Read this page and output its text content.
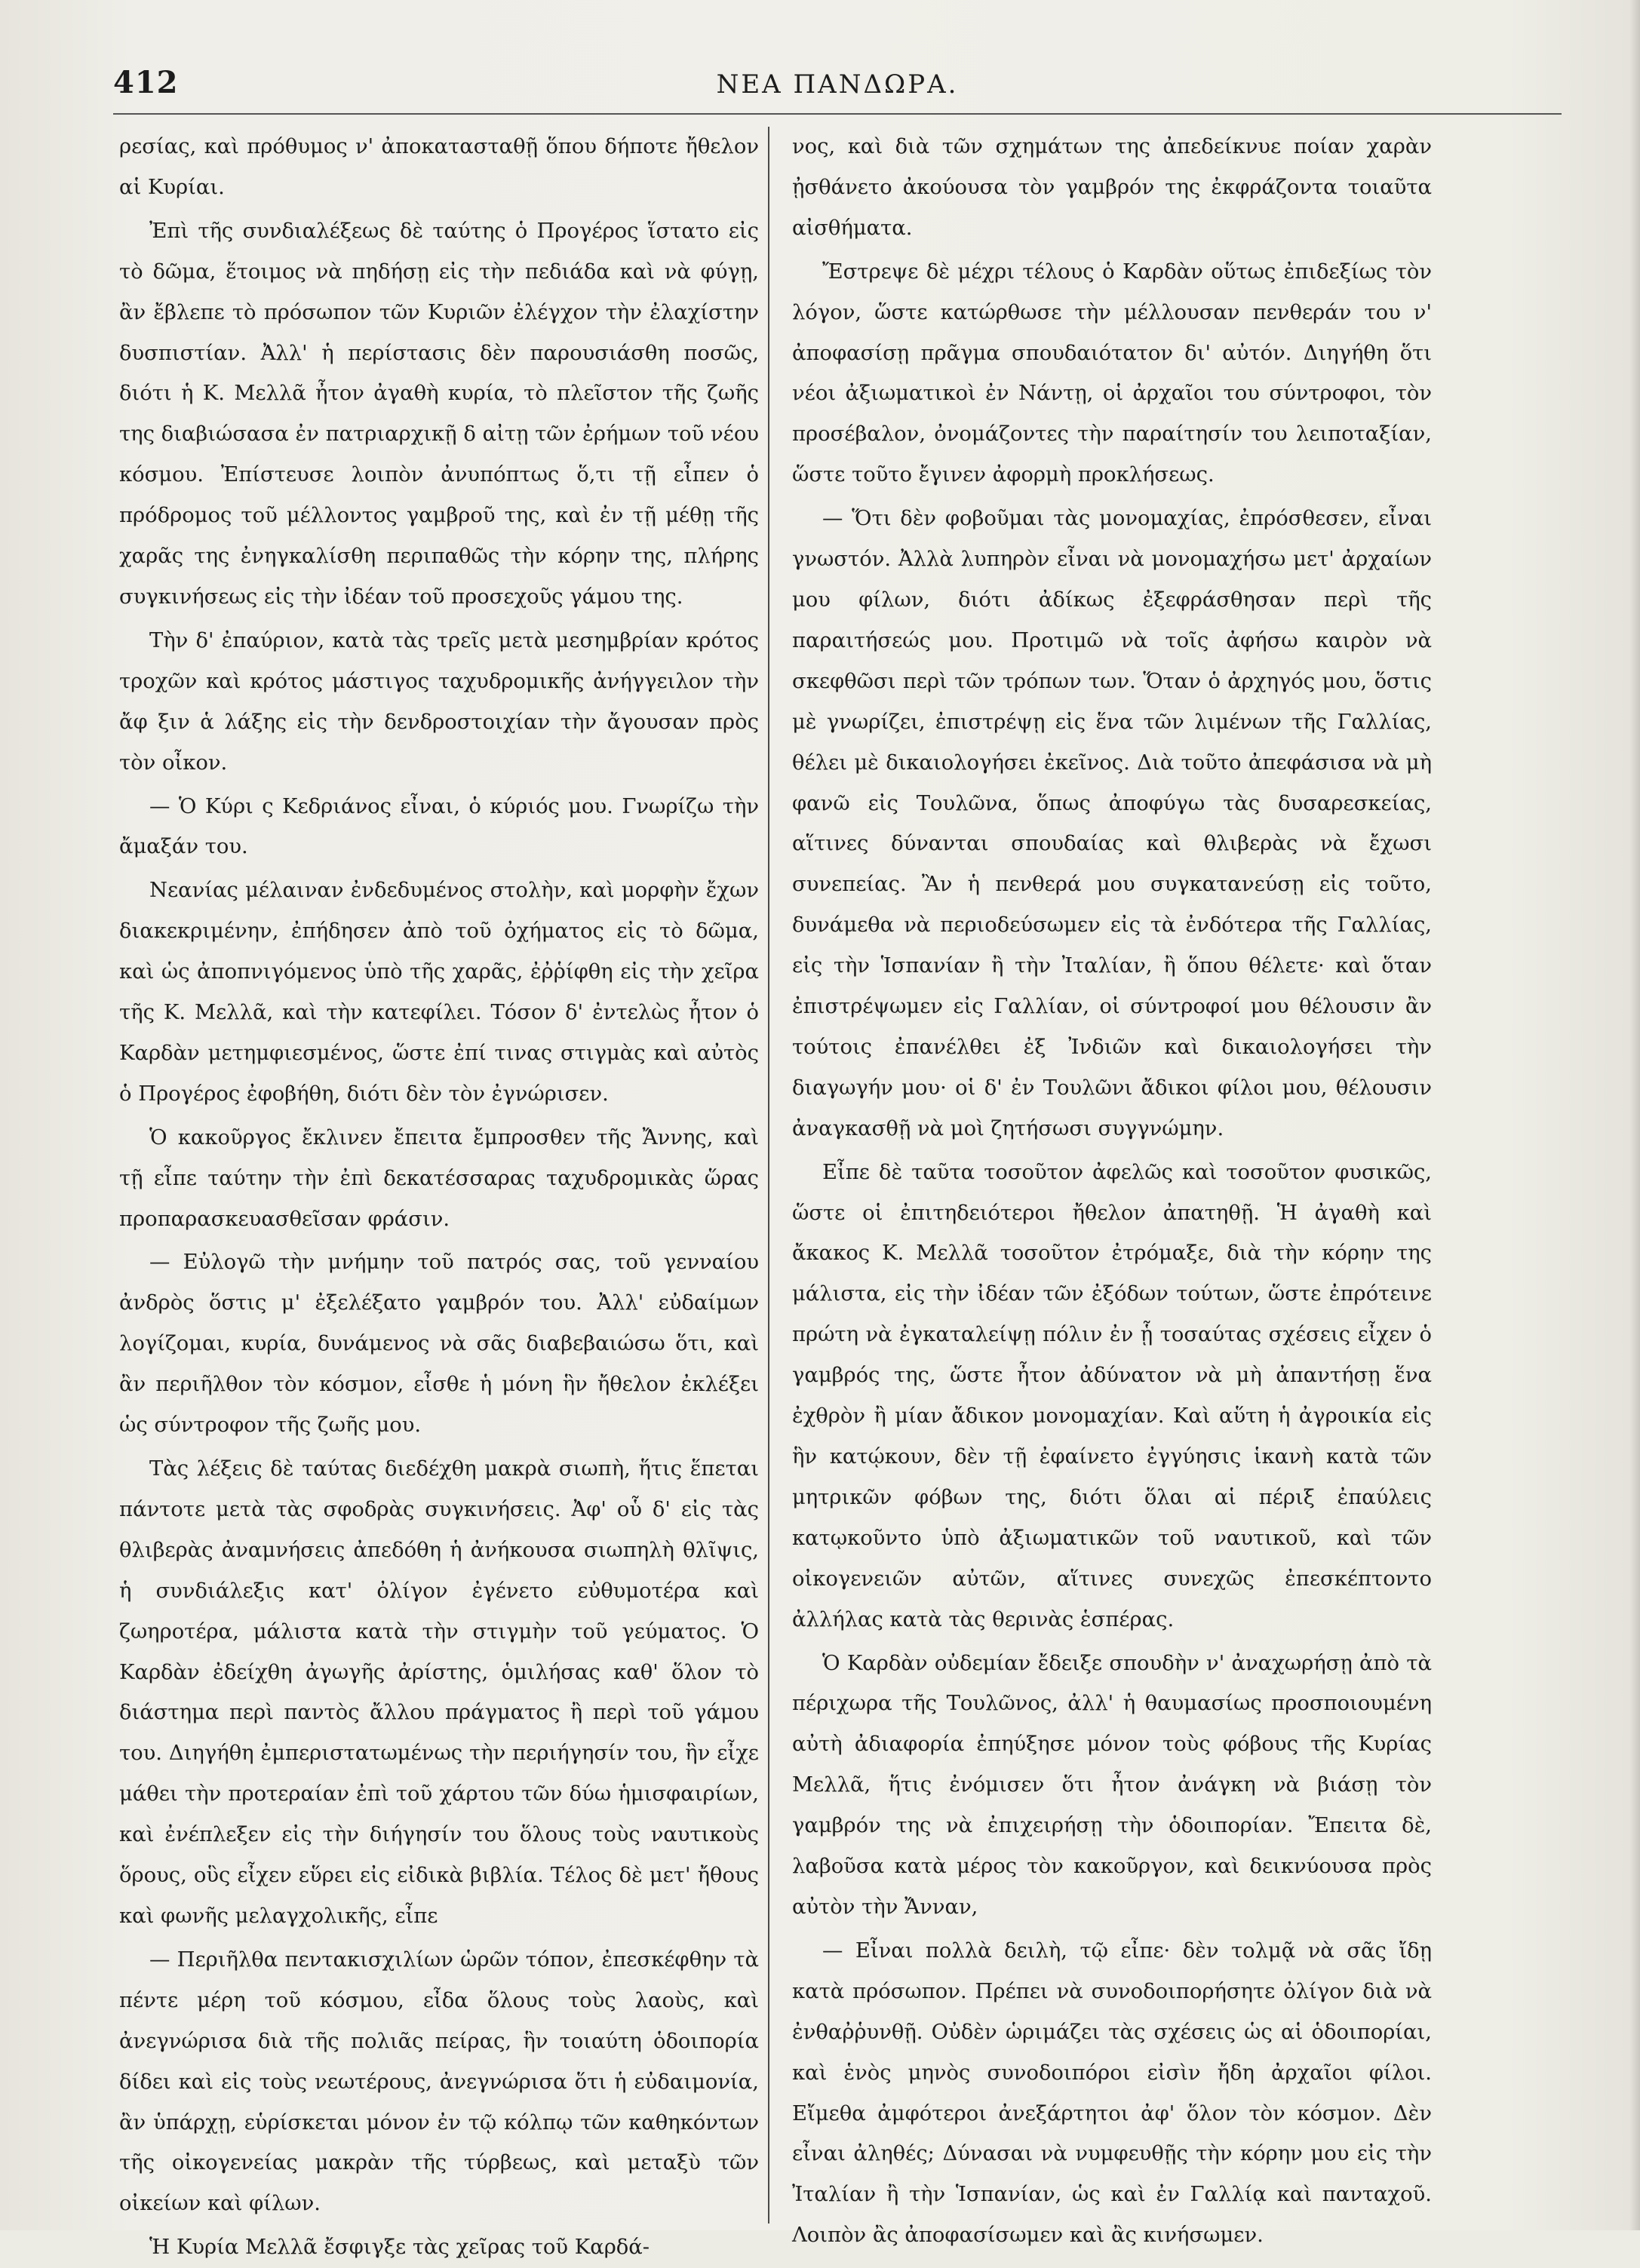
412	ΝΕΑ ΠΑΝΔΩΡΑ.

ρεσίας, καὶ πρόθυμος ν' ἀποκατασταθῇ ὅπου δήποτε ἤθελον αἱ Κυρίαι.

Ἐπὶ τῆς συνδιαλέξεως δὲ ταύτης ὁ Προγέρος ἵστατο εἰς τὸ δῶμα, ἕτοιμος νὰ πηδήσῃ εἰς τὴν πεδιάδα καὶ νὰ φύγῃ, ἂν ἔβλεπε τὸ πρόσωπον τῶν Κυριῶν ἐλέγχον τὴν ἐλαχίστην δυσπιστίαν. Ἀλλ' ἡ περίστασις δὲν παρουσιάσθη ποσῶς, διότι ἡ Κ. Μελλᾶ ἦτον ἀγαθὴ κυρία, τὸ πλεῖστον τῆς ζωῆς της διαβιώσασα ἐν πατριαρχικῇ δ αἰτῃ τῶν ἐρήμων τοῦ νέου κόσμου. Ἐπίστευσε λοιπὸν ἀνυπόπτως ὅ,τι τῇ εἶπεν ὁ πρόδρομος τοῦ μέλλοντος γαμβροῦ της, καὶ ἐν τῇ μέθῃ τῆς χαρᾶς της ἐνηγκαλίσθη περιπαθῶς τὴν κόρην της, πλήρης συγκινήσεως εἰς τὴν ἰδέαν τοῦ προσεχοῦς γάμου της.

Τὴν δ' ἐπαύριον, κατὰ τὰς τρεῖς μετὰ μεσημβρίαν κρότος τροχῶν καὶ κρότος μάστιγος ταχυδρομικῆς ἀνήγγειλον τὴν ἄφ ξιν ἁ λάξης εἰς τὴν δενδροστοιχίαν τὴν ἄγουσαν πρὸς τὸν οἶκον.

— Ὁ Κύρι ς Κεδριάνος εἶναι, ὁ κύριός μου. Γνωρίζω τὴν ἄμαξάν του.

Νεανίας μέλαιναν ἐνδεδυμένος στολὴν, καὶ μορφὴν ἔχων διακεκριμένην, ἐπήδησεν ἀπὸ τοῦ ὀχήματος εἰς τὸ δῶμα, καὶ ὡς ἀποπνιγόμενος ὑπὸ τῆς χαρᾶς, ἐῤῥίφθη εἰς τὴν χεῖρα τῆς Κ. Μελλᾶ, καὶ τὴν κατεφίλει. Τόσον δ' ἐντελὼς ἦτον ὁ Καρδὰν μετημφιεσμένος, ὥστε ἐπί τινας στιγμὰς καὶ αὐτὸς ὁ Προγέρος ἐφοβήθη, διότι δὲν τὸν ἐγνώρισεν.

Ὁ κακοῦργος ἔκλινεν ἔπειτα ἔμπροσθεν τῆς Ἄννης, καὶ τῇ εἶπε ταύτην τὴν ἐπὶ δεκατέσσαρας ταχυδρομικὰς ὥρας προπαρασκευασθεῖσαν φράσιν.

— Εὐλογῶ τὴν μνήμην τοῦ πατρός σας, τοῦ γενναίου ἀνδρὸς ὅστις μ' ἐξελέξατο γαμβρόν του. Ἀλλ' εὐδαίμων λογίζομαι, κυρία, δυνάμενος νὰ σᾶς διαβεβαιώσω ὅτι, καὶ ἂν περιῆλθον τὸν κόσμον, εἶσθε ἡ μόνη ἣν ἤθελον ἐκλέξει ὡς σύντροφον τῆς ζωῆς μου.

Τὰς λέξεις δὲ ταύτας διεδέχθη μακρὰ σιωπὴ, ἥτις ἕπεται πάντοτε μετὰ τὰς σφοδρὰς συγκινήσεις. Ἀφ' οὗ δ' εἰς τὰς θλιβερὰς ἀναμνήσεις ἀπεδόθη ἡ ἀνήκουσα σιωπηλὴ θλῖψις, ἡ συνδιάλεξις κατ' ὀλίγον ἐγένετο εὐθυμοτέρα καὶ ζωηροτέρα, μάλιστα κατὰ τὴν στιγμὴν τοῦ γεύματος. Ὁ Καρδὰν ἐδείχθη ἀγωγῆς ἀρίστης, ὁμιλήσας καθ' ὅλον τὸ διάστημα περὶ παντὸς ἄλλου πράγματος ἢ περὶ τοῦ γάμου του. Διηγήθη ἐμπεριστατωμένως τὴν περιήγησίν του, ἣν εἶχε μάθει τὴν προτεραίαν ἐπὶ τοῦ χάρτου τῶν δύω ἡμισφαιρίων, καὶ ἐνέπλεξεν εἰς τὴν διήγησίν του ὅλους τοὺς ναυτικοὺς ὅρους, οὓς εἶχεν εὕρει εἰς εἰδικὰ βιβλία. Τέλος δὲ μετ' ἤθους καὶ φωνῆς μελαγχολικῆς, εἶπε

— Περιῆλθα πεντακισχιλίων ὡρῶν τόπον, ἐπεσκέφθην τὰ πέντε μέρη τοῦ κόσμου, εἶδα ὅλους τοὺς λαοὺς, καὶ ἀνεγνώρισα διὰ τῆς πολιᾶς πείρας, ἣν τοιαύτη ὁδοιπορία δίδει καὶ εἰς τοὺς νεωτέρους, ἀνεγνώρισα ὅτι ἡ εὐδαιμονία, ἂν ὑπάρχῃ, εὑρίσκεται μόνον ἐν τῷ κόλπῳ τῶν καθηκόντων τῆς οἰκογενείας μακρὰν τῆς τύρβεως, καὶ μεταξὺ τῶν οἰκείων καὶ φίλων.

Ἡ Κυρία Μελλᾶ ἔσφιγξε τὰς χεῖρας τοῦ Καρδά-

νος, καὶ διὰ τῶν σχημάτων της ἀπεδείκνυε ποίαν χαρὰν ᾐσθάνετο ἀκούουσα τὸν γαμβρόν της ἐκφράζοντα τοιαῦτα αἰσθήματα.

Ἔστρεψε δὲ μέχρι τέλους ὁ Καρδὰν οὕτως ἐπιδεξίως τὸν λόγον, ὥστε κατώρθωσε τὴν μέλλουσαν πενθεράν του ν' ἀποφασίσῃ πρᾶγμα σπουδαιότατον δι' αὐτόν. Διηγήθη ὅτι νέοι ἀξιωματικοὶ ἐν Νάντῃ, οἱ ἀρχαῖοι του σύντροφοι, τὸν προσέβαλον, ὀνομάζοντες τὴν παραίτησίν του λειποταξίαν, ὥστε τοῦτο ἔγινεν ἀφορμὴ προκλήσεως.

— Ὅτι δὲν φοβοῦμαι τὰς μονομαχίας, ἐπρόσθεσεν, εἶναι γνωστόν. Ἀλλὰ λυπηρὸν εἶναι νὰ μονομαχήσω μετ' ἀρχαίων μου φίλων, διότι ἀδίκως ἐξεφράσθησαν περὶ τῆς παραιτήσεώς μου. Προτιμῶ νὰ τοῖς ἀφήσω καιρὸν νὰ σκεφθῶσι περὶ τῶν τρόπων των. Ὅταν ὁ ἀρχηγός μου, ὅστις μὲ γνωρίζει, ἐπιστρέψῃ εἰς ἕνα τῶν λιμένων τῆς Γαλλίας, θέλει μὲ δικαιολογήσει ἐκεῖνος. Διὰ τοῦτο ἀπεφάσισα νὰ μὴ φανῶ εἰς Τουλῶνα, ὅπως ἀποφύγω τὰς δυσαρεσκείας, αἵτινες δύνανται σπουδαίας καὶ θλιβερὰς νὰ ἔχωσι συνεπείας. Ἂν ἡ πενθερά μου συγκατανεύσῃ εἰς τοῦτο, δυνάμεθα νὰ περιοδεύσωμεν εἰς τὰ ἐνδότερα τῆς Γαλλίας, εἰς τὴν Ἱσπανίαν ἢ τὴν Ἰταλίαν, ἢ ὅπου θέλετε· καὶ ὅταν ἐπιστρέψωμεν εἰς Γαλλίαν, οἱ σύντροφοί μου θέλουσιν ἂν τούτοις ἐπανέλθει ἐξ Ἰνδιῶν καὶ δικαιολογήσει τὴν διαγωγήν μου· οἱ δ' ἐν Τουλῶνι ἄδικοι φίλοι μου, θέλουσιν ἀναγκασθῇ νὰ μοὶ ζητήσωσι συγγνώμην.

Εἶπε δὲ ταῦτα τοσοῦτον ἀφελῶς καὶ τοσοῦτον φυσικῶς, ὥστε οἱ ἐπιτηδειότεροι ἤθελον ἀπατηθῇ. Ἡ ἀγαθὴ καὶ ἄκακος Κ. Μελλᾶ τοσοῦτον ἐτρόμαξε, διὰ τὴν κόρην της μάλιστα, εἰς τὴν ἰδέαν τῶν ἐξόδων τούτων, ὥστε ἐπρότεινε πρώτη νὰ ἐγκαταλείψῃ πόλιν ἐν ᾗ τοσαύτας σχέσεις εἶχεν ὁ γαμβρός της, ὥστε ἦτον ἀδύνατον νὰ μὴ ἀπαντήσῃ ἕνα ἐχθρὸν ἢ μίαν ἄδικον μονομαχίαν. Καὶ αὕτη ἡ ἀγροικία εἰς ἣν κατῴκουν, δὲν τῇ ἐφαίνετο ἐγγύησις ἱκανὴ κατὰ τῶν μητρικῶν φόβων της, διότι ὅλαι αἱ πέριξ ἐπαύλεις κατῳκοῦντο ὑπὸ ἀξιωματικῶν τοῦ ναυτικοῦ, καὶ τῶν οἰκογενειῶν αὐτῶν, αἵτινες συνεχῶς ἐπεσκέπτοντο ἀλλήλας κατὰ τὰς θερινὰς ἑσπέρας.

Ὁ Καρδὰν οὐδεμίαν ἔδειξε σπουδὴν ν' ἀναχωρήσῃ ἀπὸ τὰ πέριχωρα τῆς Τουλῶνος, ἀλλ' ἡ θαυμασίως προσποιουμένη αὐτὴ ἀδιαφορία ἐπηύξησε μόνον τοὺς φόβους τῆς Κυρίας Μελλᾶ, ἥτις ἐνόμισεν ὅτι ἦτον ἀνάγκη νὰ βιάσῃ τὸν γαμβρόν της νὰ ἐπιχειρήσῃ τὴν ὁδοιπορίαν. Ἔπειτα δὲ, λαβοῦσα κατὰ μέρος τὸν κακοῦργον, καὶ δεικνύουσα πρὸς αὐτὸν τὴν Ἄνναν,

— Εἶναι πολλὰ δειλὴ, τῷ εἶπε· δὲν τολμᾷ νὰ σᾶς ἴδῃ κατὰ πρόσωπον. Πρέπει νὰ συνοδοιπορήσητε ὀλίγον διὰ νὰ ἐνθαῤῥυνθῇ. Οὐδὲν ὡριμάζει τὰς σχέσεις ὡς αἱ ὁδοιπορίαι, καὶ ἑνὸς μηνὸς συνοδοιπόροι εἰσὶν ἤδη ἀρχαῖοι φίλοι. Εἴμεθα ἀμφότεροι ἀνεξάρτητοι ἀφ' ὅλον τὸν κόσμον. Δὲν εἶναι ἀληθές; Δύνασαι νὰ νυμφευθῇς τὴν κόρην μου εἰς τὴν Ἰταλίαν ἢ τὴν Ἱσπανίαν, ὡς καὶ ἐν Γαλλίᾳ καὶ πανταχοῦ. Λοιπὸν ἂς ἀποφασίσωμεν καὶ ἂς κινήσωμεν.
